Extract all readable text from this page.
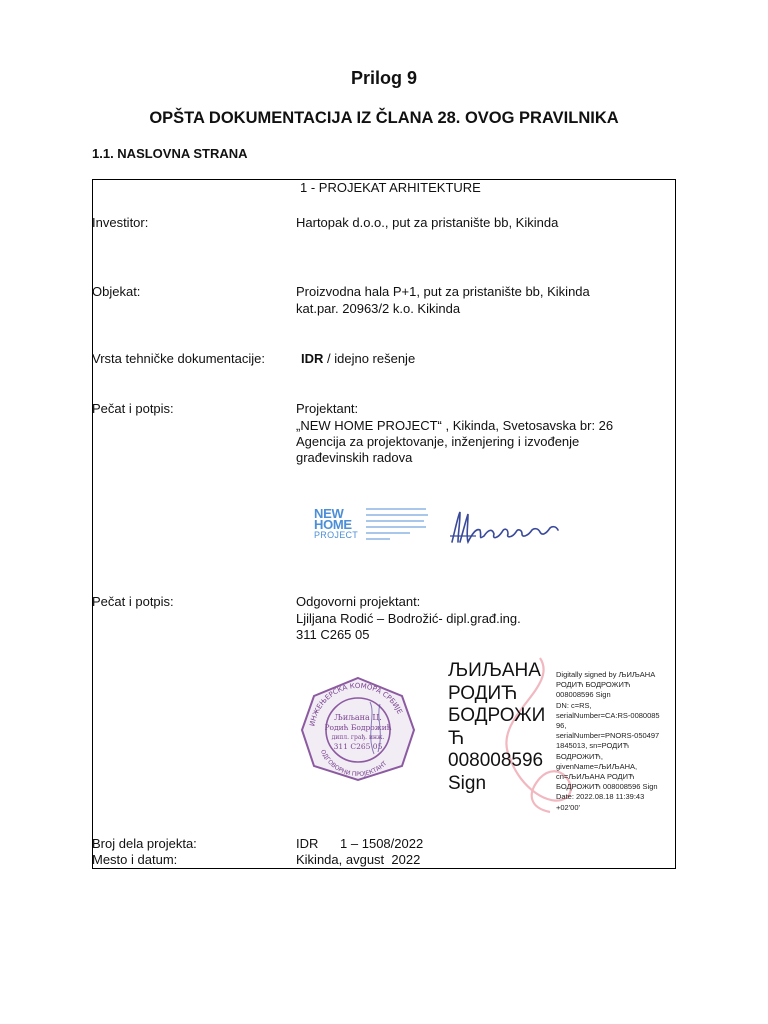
Prilog 9
OPŠTA DOKUMENTACIJA IZ ČLANA 28. OVOG PRAVILNIKA
1.1. NASLOVNA STRANA
1 - PROJEKAT ARHITEKTURE
Investitor:	Hartopak d.o.o., put za pristanište bb, Kikinda
Objekat:	Proizvodna hala P+1, put za pristanište bb, Kikinda
kat.par. 20963/2 k.o. Kikinda
Vrsta tehničke dokumentacije:	IDR / idejno rešenje
Pečat i potpis:	Projektant:
„NEW HOME PROJECT“ , Kikinda, Svetosavska br: 26
Agencija za projektovanje, inženjering i izvođenje
građevinskih radova
NEW
HOME
PROJECT
Pečat i potpis:	Odgovorni projektant:
Ljiljana Rodić – Bodrožić- dipl.građ.ing.
311 C265 05
ИНЖЕЊЕРСКА КОМОРА СРБИЈЕ
ОДГОВОРНИ ПРОЈЕКТАНТ
Љиљана Ц.
Родић Бодрожић
дипл. грађ. инж.
311 C265 05
ЉИЉАНА
РОДИЋ
БОДРОЖИ
Ћ
008008596
Sign
Digitally signed by ЉИЉАНА
РОДИЋ БОДРОЖИЋ
008008596 Sign
DN: c=RS,
serialNumber=CA:RS-0080085
96,
serialNumber=PNORS-050497
1845013, sn=РОДИЋ
БОДРОЖИЋ,
givenName=ЉИЉАНА,
cn=ЉИЉАНА РОДИЋ
БОДРОЖИЋ 008008596 Sign
Date: 2022.08.18 11:39:43
+02'00'
Broj dela projekta:	IDR      1 – 1508/2022
Mesto i datum:	Kikinda, avgust  2022
